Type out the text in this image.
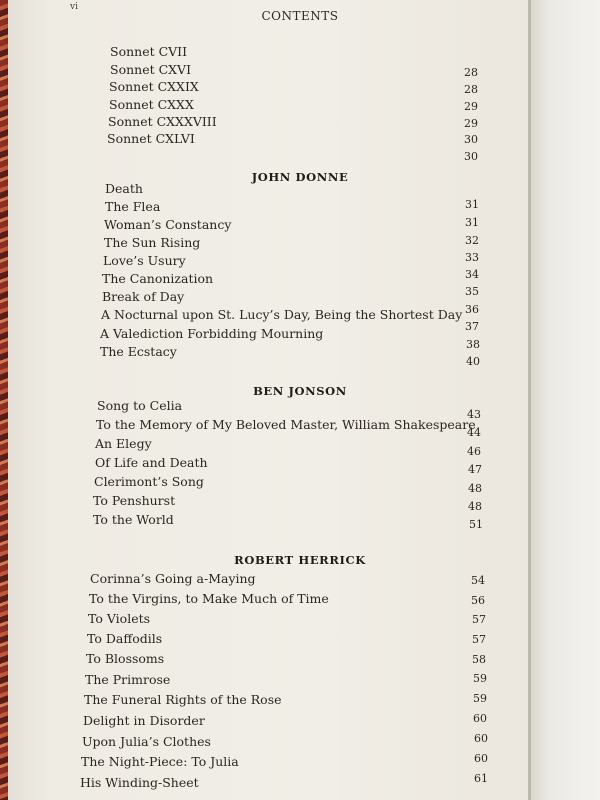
vi
CONTENTS
Sonnet CVII
Sonnet CXVI
Sonnet CXXIX
Sonnet CXXX
Sonnet CXXXVIII
Sonnet CXLVI
28
28
29
29
30
30
JOHN DONNE
Death
The Flea
Woman’s Constancy
The Sun Rising
Love’s Usury
The Canonization
Break of Day
A Nocturnal upon St. Lucy’s Day, Being the Shortest Day
A Valediction Forbidding Mourning
The Ecstacy
31
31
32
33
34
35
36
37
38
40
BEN JONSON
Song to Celia
To the Memory of My Beloved Master, William Shakespeare
An Elegy
Of Life and Death
Clerimont’s Song
To Penshurst
To the World
43
44
46
47
48
48
51
ROBERT HERRICK
Corinna’s Going a-Maying
To the Virgins, to Make Much of Time
To Violets
To Daffodils
To Blossoms
The Primrose
The Funeral Rights of the Rose
Delight in Disorder
Upon Julia’s Clothes
The Night-Piece: To Julia
His Winding-Sheet
54
56
57
57
58
59
59
60
60
60
61
